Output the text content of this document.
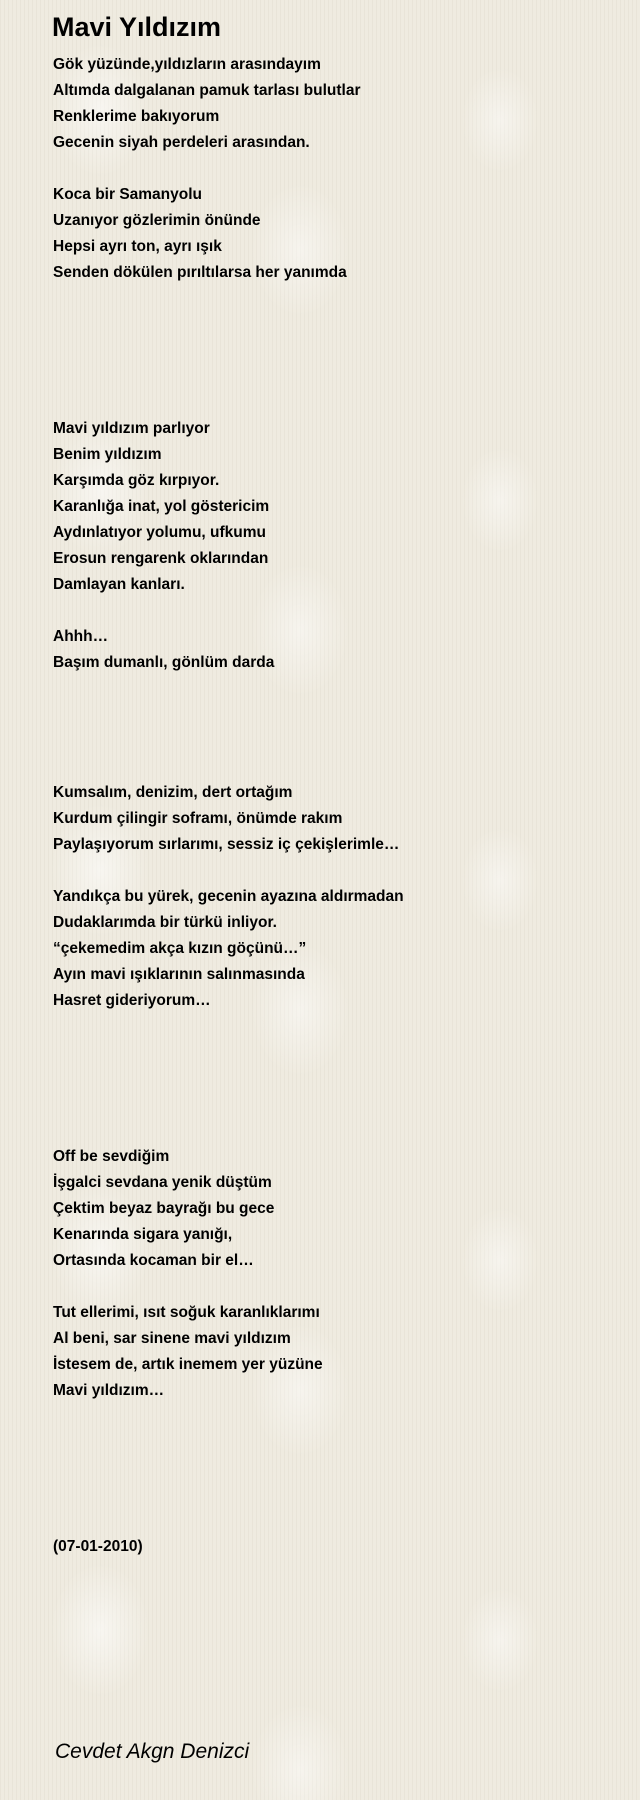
Mavi Yıldızım
Gök yüzünde,yıldızların arasındayım
Altımda dalgalanan pamuk tarlası bulutlar
Renklerime bakıyorum
Gecenin siyah perdeleri arasından.
Koca bir Samanyolu
Uzanıyor gözlerimin önünde
Hepsi ayrı ton, ayrı ışık
Senden dökülen pırıltılarsa her yanımda
Mavi yıldızım parlıyor
Benim yıldızım
Karşımda göz kırpıyor.
Karanlığa inat, yol göstericim
Aydınlatıyor yolumu, ufkumu
Erosun rengarenk oklarından
Damlayan kanları.
Ahhh…
Başım dumanlı, gönlüm darda
Kumsalım, denizim, dert ortağım
Kurdum çilingir soframı, önümde rakım
Paylaşıyorum sırlarımı, sessiz iç çekişlerimle…
Yandıkça bu yürek, gecenin ayazına aldırmadan
Dudaklarımda bir türkü inliyor.
“çekemedim akça kızın göçünü…”
Ayın mavi ışıklarının salınmasında
Hasret gideriyorum…
Off be sevdiğim
İşgalci sevdana yenik düştüm
Çektim beyaz bayrağı bu gece
Kenarında sigara yanığı,
Ortasında kocaman bir el…
Tut ellerimi, ısıt soğuk karanlıklarımı
Al beni, sar sinene mavi yıldızım
İstesem de, artık inemem yer yüzüne
Mavi yıldızım…
(07-01-2010)
Cevdet Akgn Denizci
